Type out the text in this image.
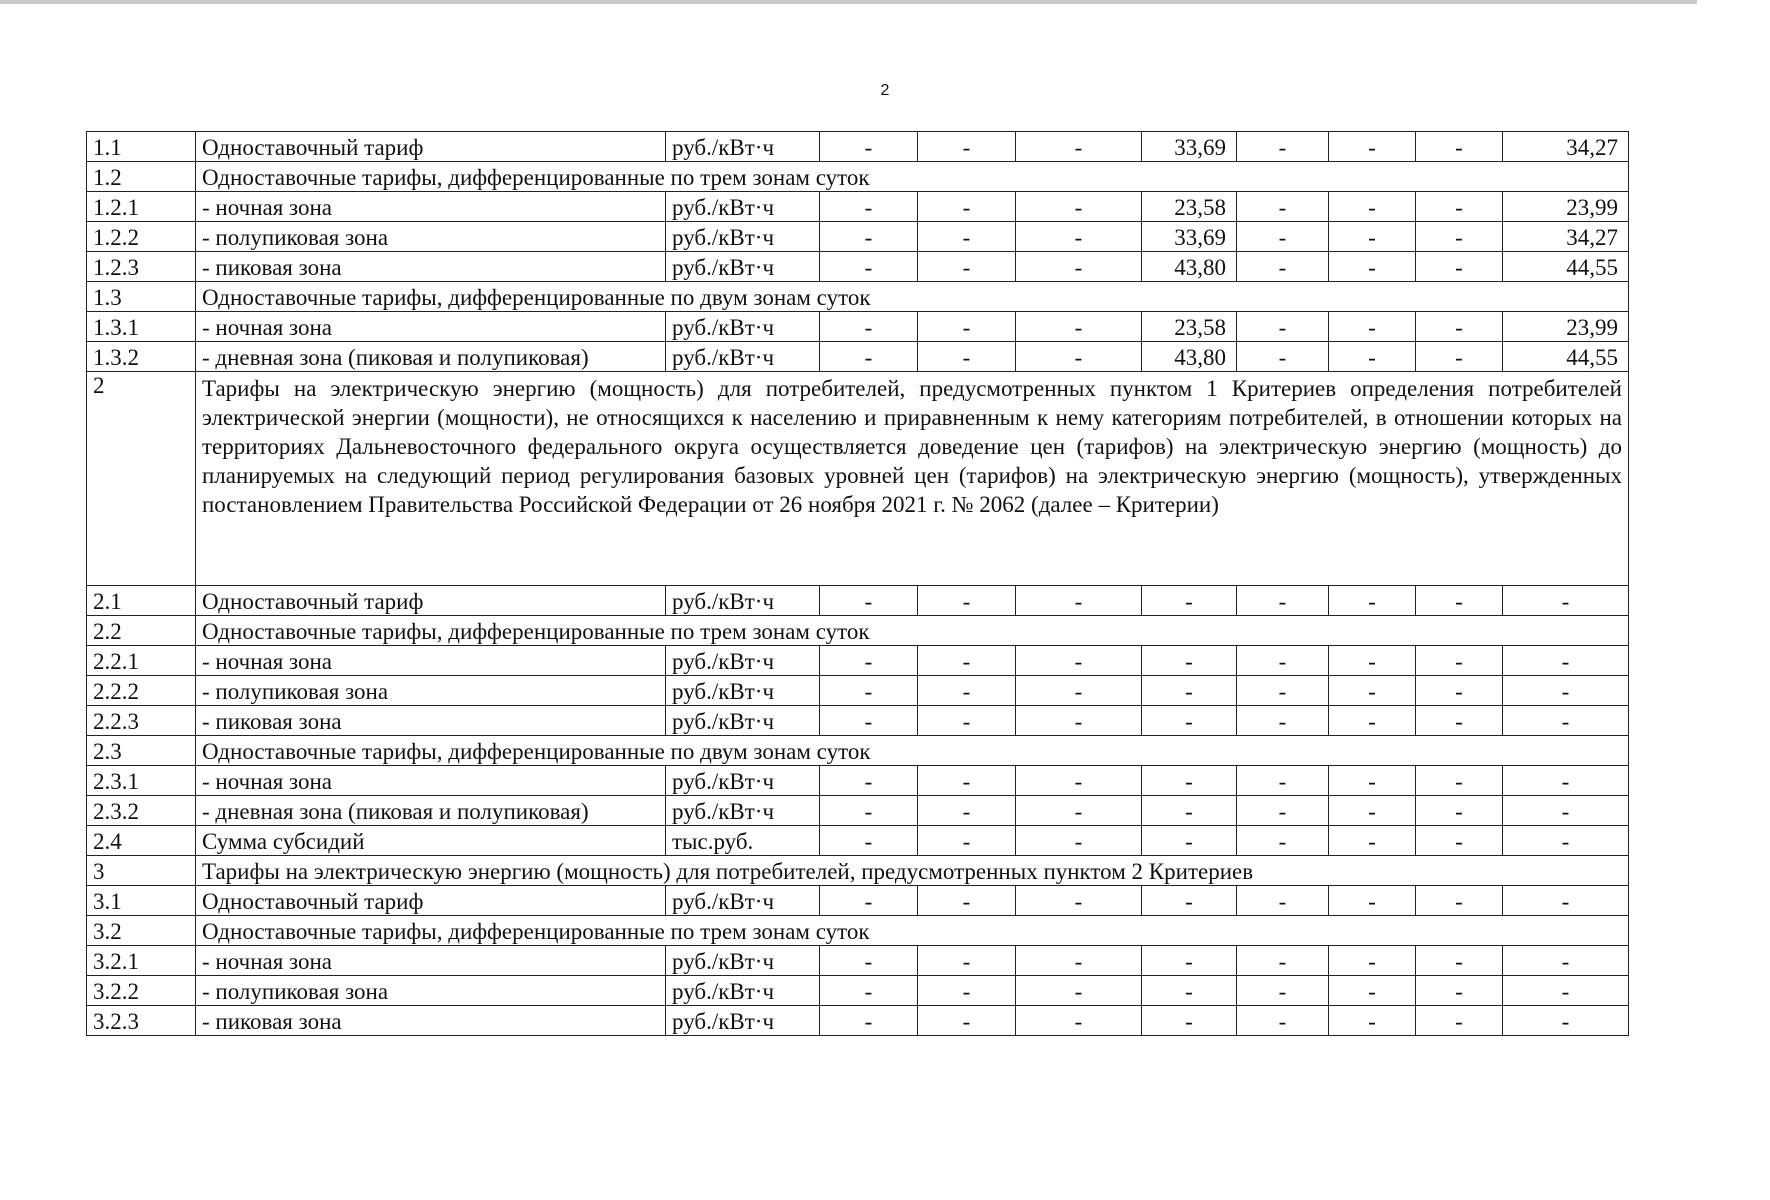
2
1.1	Одноставочный тариф	руб./кВт·ч	-	-	-	33,69	-	-	-	34,27
1.2	Одноставочные тарифы, дифференцированные по трем зонам суток									
1.2.1	- ночная зона	руб./кВт·ч	-	-	-	23,58	-	-	-	23,99
1.2.2	- полупиковая зона	руб./кВт·ч	-	-	-	33,69	-	-	-	34,27
1.2.3	- пиковая зона	руб./кВт·ч	-	-	-	43,80	-	-	-	44,55
1.3	Одноставочные тарифы, дифференцированные по двум зонам суток									
1.3.1	- ночная зона	руб./кВт·ч	-	-	-	23,58	-	-	-	23,99
1.3.2	- дневная зона (пиковая и полупиковая)	руб./кВт·ч	-	-	-	43,80	-	-	-	44,55
2	Тарифы на электрическую энергию (мощность) для потребителей, предусмотренных пунктом 1 Критериев определения потребителей электрической энергии (мощности), не относящихся к населению и приравненным к нему категориям потребителей, в отношении которых на территориях Дальневосточного федерального округа осуществляется доведение цен (тарифов) на электрическую энергию (мощность) до планируемых на следующий период регулирования базовых уровней цен (тарифов) на электрическую энергию (мощность), утвержденных постановлением Правительства Российской Федерации от 26 ноября 2021 г. № 2062 (далее – Критерии)									
2.1	Одноставочный тариф	руб./кВт·ч	-	-	-	-	-	-	-	-
2.2	Одноставочные тарифы, дифференцированные по трем зонам суток									
2.2.1	- ночная зона	руб./кВт·ч	-	-	-	-	-	-	-	-
2.2.2	- полупиковая зона	руб./кВт·ч	-	-	-	-	-	-	-	-
2.2.3	- пиковая зона	руб./кВт·ч	-	-	-	-	-	-	-	-
2.3	Одноставочные тарифы, дифференцированные по двум зонам суток									
2.3.1	- ночная зона	руб./кВт·ч	-	-	-	-	-	-	-	-
2.3.2	- дневная зона (пиковая и полупиковая)	руб./кВт·ч	-	-	-	-	-	-	-	-
2.4	Сумма субсидий	тыс.руб.	-	-	-	-	-	-	-	-
3	Тарифы на электрическую энергию (мощность) для потребителей, предусмотренных пунктом 2 Критериев									
3.1	Одноставочный тариф	руб./кВт·ч	-	-	-	-	-	-	-	-
3.2	Одноставочные тарифы, дифференцированные по трем зонам суток									
3.2.1	- ночная зона	руб./кВт·ч	-	-	-	-	-	-	-	-
3.2.2	- полупиковая зона	руб./кВт·ч	-	-	-	-	-	-	-	-
3.2.3	- пиковая зона	руб./кВт·ч	-	-	-	-	-	-	-	-
